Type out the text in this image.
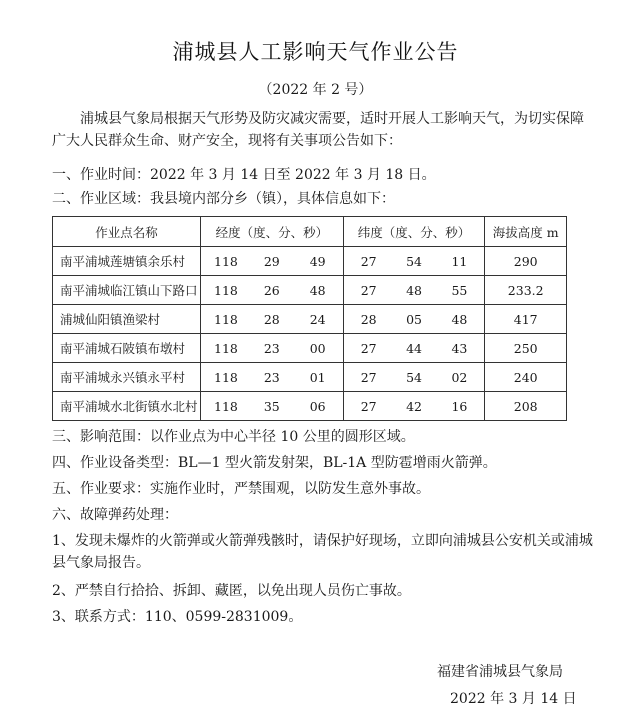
浦城县人工影响天气作业公告
（2022 年 2 号）

浦城县气象局根据天气形势及防灾减灾需要，适时开展人工影响天气，为切实保障广大人民群众生命、财产安全，现将有关事项公告如下：

一、作业时间：2022 年 3 月 14 日至 2022 年 3 月 18 日。

二、作业区域：我县境内部分乡（镇），具体信息如下：

作业点名称	经度（度、分、秒）	纬度（度、分、秒）	海拔高度 m
南平浦城莲塘镇余乐村	118 29 49	27 54 11	290
南平浦城临江镇山下路口	118 26 48	27 48 55	233.2
浦城仙阳镇渔梁村	118 28 24	28 05 48	417
南平浦城石陂镇布墩村	118 23 00	27 44 43	250
南平浦城永兴镇永平村	118 23 01	27 54 02	240
南平浦城水北街镇水北村	118 35 06	27 42 16	208

三、影响范围：以作业点为中心半径 10 公里的圆形区域。

四、作业设备类型：BL—1 型火箭发射架，BL-1A 型防雹增雨火箭弹。

五、作业要求：实施作业时，严禁围观，以防发生意外事故。

六、故障弹药处理：

1、发现未爆炸的火箭弹或火箭弹残骸时，请保护好现场，立即向浦城县公安机关或浦城县气象局报告。

2、严禁自行拾拾、拆卸、藏匿，以免出现人员伤亡事故。

3、联系方式：110、0599-2831009。

福建省浦城县气象局
2022 年 3 月 14 日
